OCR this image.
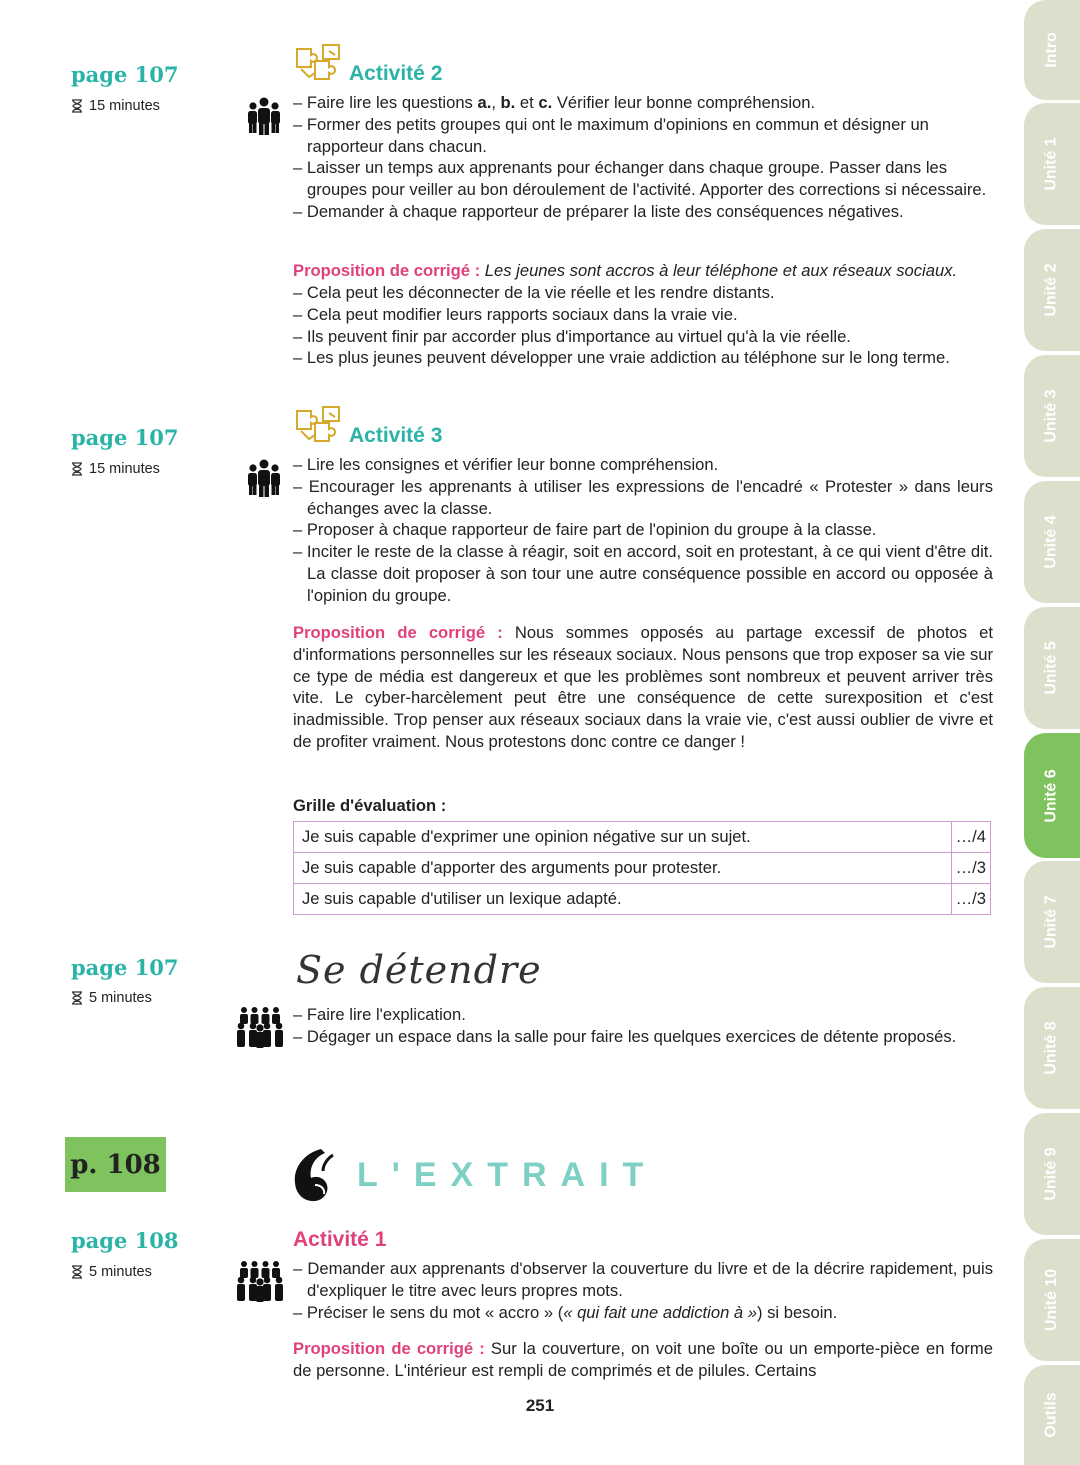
page 107
15 minutes
Activité 2
– Faire lire les questions a., b. et c. Vérifier leur bonne compréhension.
– Former des petits groupes qui ont le maximum d'opinions en commun et désigner un rapporteur dans chacun.
– Laisser un temps aux apprenants pour échanger dans chaque groupe. Passer dans les groupes pour veiller au bon déroulement de l'activité. Apporter des corrections si nécessaire.
– Demander à chaque rapporteur de préparer la liste des conséquences négatives.

Proposition de corrigé : Les jeunes sont accros à leur téléphone et aux réseaux sociaux.

– Cela peut les déconnecter de la vie réelle et les rendre distants.
– Cela peut modifier leurs rapports sociaux dans la vraie vie.
– Ils peuvent finir par accorder plus d'importance au virtuel qu'à la vie réelle.
– Les plus jeunes peuvent développer une vraie addiction au téléphone sur le long terme.
page 107
15 minutes
Activité 3
– Lire les consignes et vérifier leur bonne compréhension.
– Encourager les apprenants à utiliser les expressions de l'encadré « Protester » dans leurs échanges avec la classe.
– Proposer à chaque rapporteur de faire part de l'opinion du groupe à la classe.
– Inciter le reste de la classe à réagir, soit en accord, soit en protestant, à ce qui vient d'être dit. La classe doit proposer à son tour une autre conséquence possible en accord ou opposée à l'opinion du groupe.

Proposition de corrigé : Nous sommes opposés au partage excessif de photos et d'informations personnelles sur les réseaux sociaux. Nous pensons que trop exposer sa vie sur ce type de média est dangereux et que les problèmes sont nombreux et peuvent arriver très vite. Le cyber-harcèlement peut être une conséquence de cette surexposition et c'est inadmissible. Trop penser aux réseaux sociaux dans la vraie vie, c'est aussi oublier de vivre et de profiter vraiment. Nous protestons donc contre ce danger !

Grille d'évaluation :
Je suis capable d'exprimer une opinion négative sur un sujet.	…/4
Je suis capable d'apporter des arguments pour protester.	…/3
Je suis capable d'utiliser un lexique adapté.	…/3
page 107
5 minutes
Se détendre
– Faire lire l'explication.
– Dégager un espace dans la salle pour faire les quelques exercices de détente proposés.
p. 108	L'EXTRAIT
page 108
5 minutes
Activité 1
– Demander aux apprenants d'observer la couverture du livre et de la décrire rapidement, puis d'expliquer le titre avec leurs propres mots.
– Préciser le sens du mot « accro » (« qui fait une addiction à ») si besoin.

Proposition de corrigé : Sur la couverture, on voit une boîte ou un emporte-pièce en forme de personne. L'intérieur est rempli de comprimés et de pilules. Certains

251
Intro
Unité 1
Unité 2
Unité 3
Unité 4
Unité 5
Unité 6
Unité 7
Unité 8
Unité 9
Unité 10
Outils
